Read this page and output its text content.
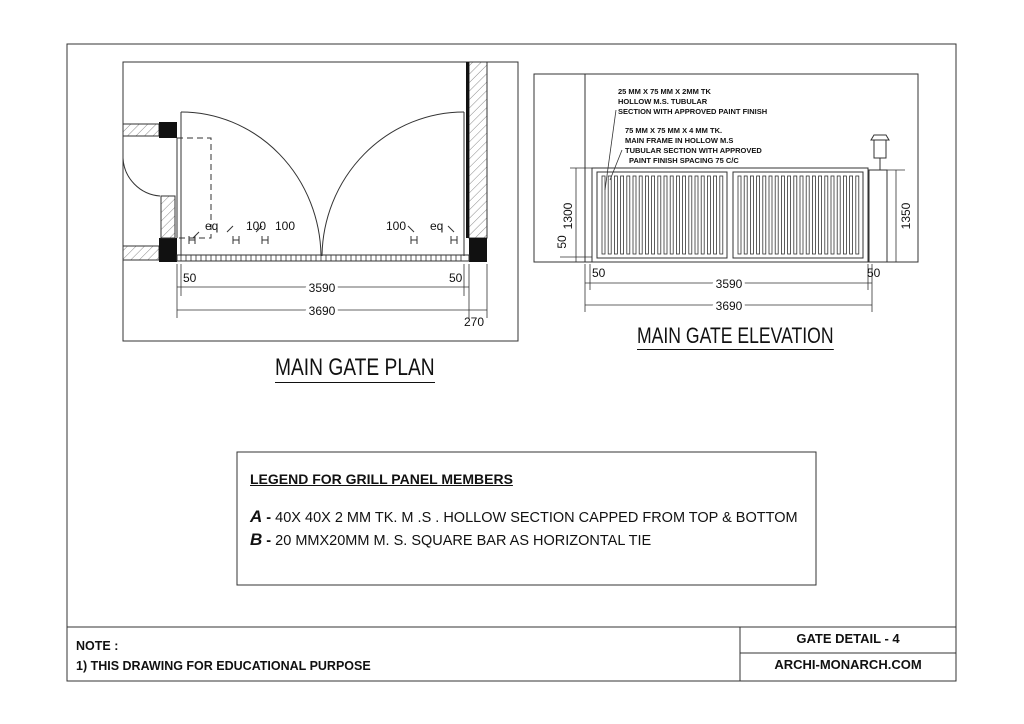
eq 100 100	100 eq
50	50
3590
3690
270
25 MM X 75 MM X 2MM TK HOLLOW M.S. TUBULAR SECTION WITH APPROVED PAINT FINISH
75 MM X 75 MM X 4 MM TK. MAIN FRAME IN HOLLOW M.S TUBULAR SECTION WITH APPROVED PAINT FINISH SPACING 75 C/C
1300
50
1350
50	50
3590
3690
MAIN GATE PLAN
MAIN GATE ELEVATION
LEGEND FOR GRILL PANEL MEMBERS
A - 40X 40X 2 MM TK. M .S . HOLLOW SECTION CAPPED FROM TOP & BOTTOM
B - 20 MMX20MM M. S. SQUARE BAR AS HORIZONTAL TIE
NOTE :
1) THIS DRAWING FOR EDUCATIONAL PURPOSE
GATE DETAIL - 4
ARCHI-MONARCH.COM
